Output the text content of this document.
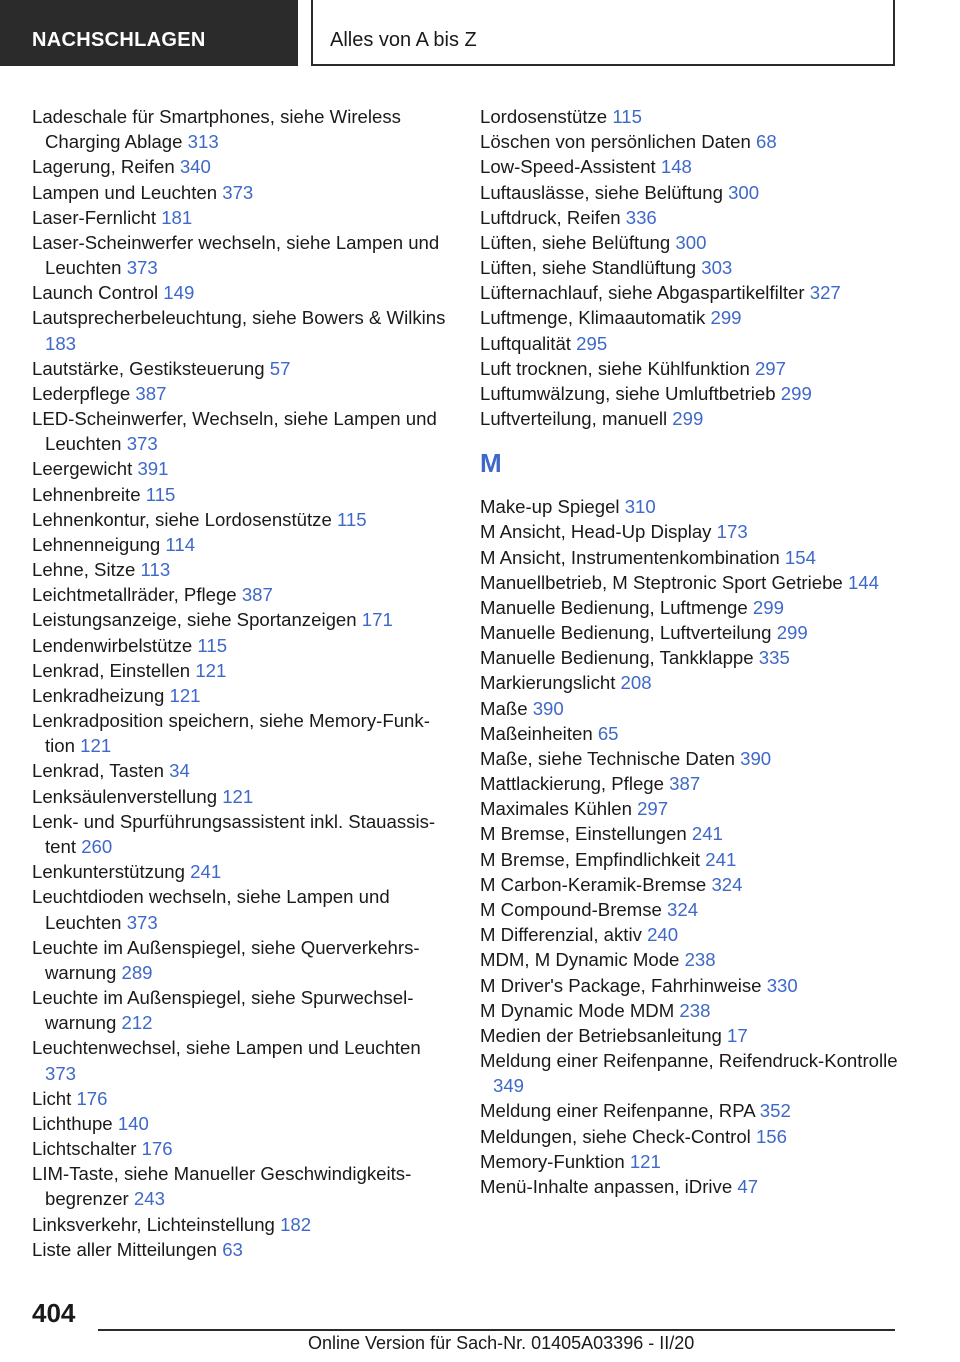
NACHSCHLAGEN	Alles von A bis Z

Ladeschale für Smartphones, siehe Wireless Charging Ablage 313

Lagerung, Reifen 340

Lampen und Leuchten 373

Laser-Fernlicht 181

Laser-Scheinwerfer wechseln, siehe Lampen und Leuchten 373

Launch Control 149

Lautsprecherbeleuchtung, siehe Bowers & Wilkins 183

Lautstärke, Gestiksteuerung 57

Lederpflege 387

LED-Scheinwerfer, Wechseln, siehe Lampen und Leuchten 373

Leergewicht 391

Lehnenbreite 115

Lehnenkontur, siehe Lordosenstütze 115

Lehnenneigung 114

Lehne, Sitze 113

Leichtmetallräder, Pflege 387

Leistungsanzeige, siehe Sportanzeigen 171

Lendenwirbelstütze 115

Lenkrad, Einstellen 121

Lenkradheizung 121

Lenkradposition speichern, siehe Memory-Funktion 121

Lenkrad, Tasten 34

Lenksäulenverstellung 121

Lenk- und Spurführungsassistent inkl. Stauassistent 260

Lenkunterstützung 241

Leuchtdioden wechseln, siehe Lampen und Leuchten 373

Leuchte im Außenspiegel, siehe Querverkehrswarnung 289

Leuchte im Außenspiegel, siehe Spurwechselwarnung 212

Leuchtenwechsel, siehe Lampen und Leuchten 373

Licht 176

Lichthupe 140

Lichtschalter 176

LIM-Taste, siehe Manueller Geschwindigkeitsbegrenzer 243

Linksverkehr, Lichteinstellung 182

Liste aller Mitteilungen 63

Lordosenstütze 115

Löschen von persönlichen Daten 68

Low-Speed-Assistent 148

Luftauslässe, siehe Belüftung 300

Luftdruck, Reifen 336

Lüften, siehe Belüftung 300

Lüften, siehe Standlüftung 303

Lüfternachlauf, siehe Abgaspartikelfilter 327

Luftmenge, Klimaautomatik 299

Luftqualität 295

Luft trocknen, siehe Kühlfunktion 297

Luftumwälzung, siehe Umluftbetrieb 299

Luftverteilung, manuell 299

M

Make-up Spiegel 310

M Ansicht, Head-Up Display 173

M Ansicht, Instrumentenkombination 154

Manuellbetrieb, M Steptronic Sport Getriebe 144

Manuelle Bedienung, Luftmenge 299

Manuelle Bedienung, Luftverteilung 299

Manuelle Bedienung, Tankklappe 335

Markierungslicht 208

Maße 390

Maßeinheiten 65

Maße, siehe Technische Daten 390

Mattlackierung, Pflege 387

Maximales Kühlen 297

M Bremse, Einstellungen 241

M Bremse, Empfindlichkeit 241

M Carbon-Keramik-Bremse 324

M Compound-Bremse 324

M Differenzial, aktiv 240

MDM, M Dynamic Mode 238

M Driver's Package, Fahrhinweise 330

M Dynamic Mode MDM 238

Medien der Betriebsanleitung 17

Meldung einer Reifenpanne, Reifendruck-Kontrolle 349

Meldung einer Reifenpanne, RPA 352

Meldungen, siehe Check-Control 156

Memory-Funktion 121

Menü-Inhalte anpassen, iDrive 47

404
Online Version für Sach-Nr. 01405A03396 - II/20
